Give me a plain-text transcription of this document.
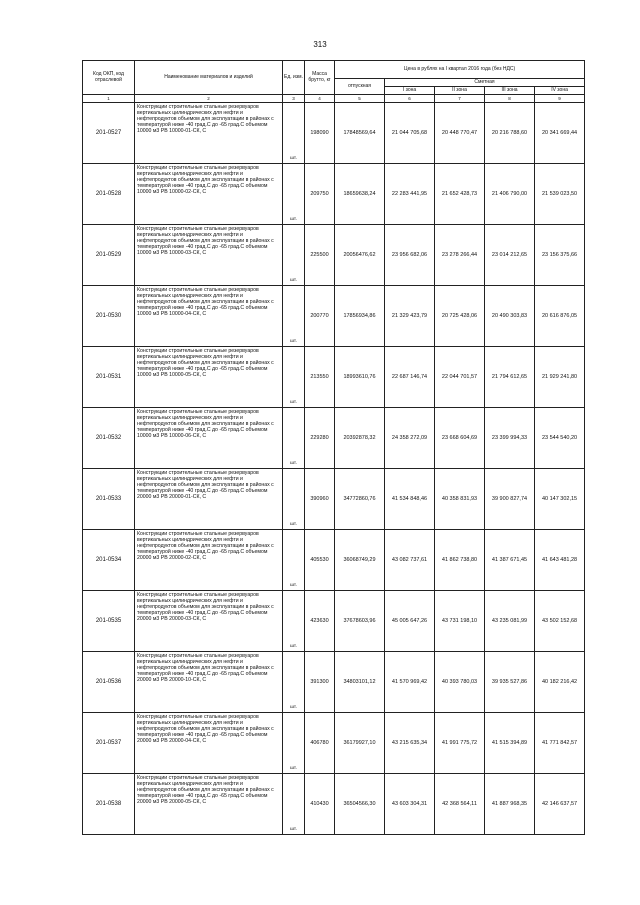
313
Код ОКП, код отраслевой	Наименование материалов и изделий	Ед. изм.	Масса брутто, кг	Цена в рублях на I квартал 2016 года (без НДС)				
				отпускная	Сметная			
					I зона	II зона	III зона	IV зона
1	2	3	4	5	6	7	8	9
201-0527	Конструкции строительные стальные резервуаров вертикальных цилиндрических для нефти и нефтепродуктов объемом для эксплуатации в районах с температурой ниже -40 град.С до -65 град.С объемом 10000 м3 РВ 10000-01-СК, С	шт.	198090	17848569,64	21 044 705,68	20 448 770,47	20 216 788,60	20 341 669,44
201-0528	Конструкции строительные стальные резервуаров вертикальных цилиндрических для нефти и нефтепродуктов объемом для эксплуатации в районах с температурой ниже -40 град.С до -65 град.С объемом 10000 м3 РВ 10000-02-СК, С	шт.	209750	18659638,24	22 283 441,95	21 652 428,73	21 406 790,00	21 539 023,50
201-0529	Конструкции строительные стальные резервуаров вертикальных цилиндрических для нефти и нефтепродуктов объемом для эксплуатации в районах с температурой ниже -40 град.С до -65 град.С объемом 10000 м3 РВ 10000-03-СК, С	шт.	225500	20056476,62	23 956 682,06	23 278 266,44	23 014 212,65	23 156 375,66
201-0530	Конструкции строительные стальные резервуаров вертикальных цилиндрических для нефти и нефтепродуктов объемом для эксплуатации в районах с температурой ниже -40 град.С до -65 град.С объемом 10000 м3 РВ 10000-04-СК, С	шт.	200770	17856934,86	21 329 423,79	20 725 428,06	20 490 303,83	20 616 876,05
201-0531	Конструкции строительные стальные резервуаров вертикальных цилиндрических для нефти и нефтепродуктов объемом для эксплуатации в районах с температурой ниже -40 град.С до -65 град.С объемом 10000 м3 РВ 10000-05-СК, С	шт.	213550	18993610,76	22 687 146,74	22 044 701,57	21 794 612,65	21 929 241,80
201-0532	Конструкции строительные стальные резервуаров вертикальных цилиндрических для нефти и нефтепродуктов объемом для эксплуатации в районах с температурой ниже -40 град.С до -65 град.С объемом 10000 м3 РВ 10000-06-СК, С	шт.	229280	20392878,32	24 358 272,09	23 668 604,69	23 399 994,33	23 544 540,20
201-0533	Конструкции строительные стальные резервуаров вертикальных цилиндрических для нефти и нефтепродуктов объемом для эксплуатации в районах с температурой ниже -40 град.С до -65 град.С объемом 20000 м3 РВ 20000-01-СК, С	шт.	390960	34772860,76	41 534 848,46	40 358 831,93	39 900 827,74	40 147 302,15
201-0534	Конструкции строительные стальные резервуаров вертикальных цилиндрических для нефти и нефтепродуктов объемом для эксплуатации в районах с температурой ниже -40 град.С до -65 град.С объемом 20000 м3 РВ 20000-02-СК, С	шт.	405530	36068749,29	43 082 737,61	41 862 738,80	41 387 671,45	41 643 481,28
201-0535	Конструкции строительные стальные резервуаров вертикальных цилиндрических для нефти и нефтепродуктов объемом для эксплуатации в районах с температурой ниже -40 град.С до -65 град.С объемом 20000 м3 РВ 20000-03-СК, С	шт.	423630	37678603,96	45 005 647,26	43 731 198,10	43 235 081,99	43 502 152,68
201-0536	Конструкции строительные стальные резервуаров вертикальных цилиндрических для нефти и нефтепродуктов объемом для эксплуатации в районах с температурой ниже -40 град.С до -65 град.С объемом 20000 м3 РВ 20000-10-СК, С	шт.	391300	34803101,12	41 570 969,42	40 393 780,03	39 935 527,86	40 182 216,42
201-0537	Конструкции строительные стальные резервуаров вертикальных цилиндрических для нефти и нефтепродуктов объемом для эксплуатации в районах с температурой ниже -40 град.С до -65 град.С объемом 20000 м3 РВ 20000-04-СК, С	шт.	406780	36179927,10	43 215 635,34	41 991 775,72	41 515 394,89	41 771 842,57
201-0538	Конструкции строительные стальные резервуаров вертикальных цилиндрических для нефти и нефтепродуктов объемом для эксплуатации в районах с температурой ниже -40 град.С до -65 град.С объемом 20000 м3 РВ 20000-05-СК, С	шт.	410430	36504566,30	43 603 304,31	42 368 564,11	41 887 968,35	42 146 637,57
